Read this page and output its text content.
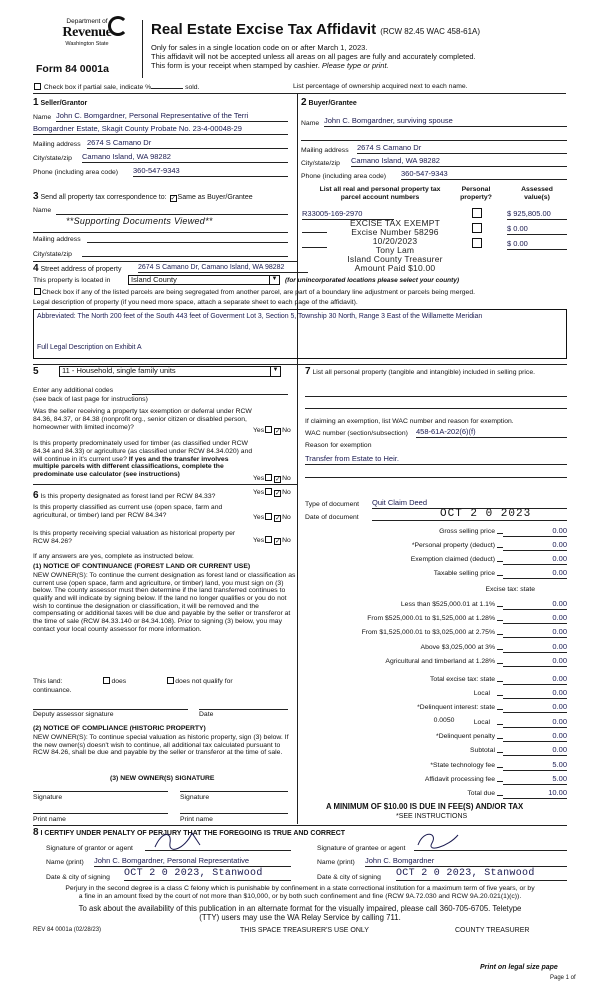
Department of
Revenue
Washington State
Form 84 0001a
Real Estate Excise Tax Affidavit (RCW 82.45 WAC 458-61A)
Only for sales in a single location code on or after March 1, 2023.
This affidavit will not be accepted unless all areas on all pages are fully and accurately completed.
This form is your receipt when stamped by cashier. Please type or print.
Check box if partial sale, indicate %	sold.	List percentage of ownership acquired next to each name.
1 Seller/Grantor
Name John C. Bomgardner, Personal Representative of the Terri
Bomgardner Estate, Skagit County Probate No. 23-4-00048-29
Mailing address 2674 S Camano Dr
City/state/zip Camano Island, WA 98282
Phone (including area code) 360-547-9343
2 Buyer/Grantee
Name John C. Bomgardner, surviving spouse
Mailing address 2674 S Camano Dr
City/state/zip Camano Island, WA 98282
Phone (including area code) 360-547-9343
3 Send all property tax correspondence to: ✓ Same as Buyer/Grantee
Name
**Supporting Documents Viewed**
Mailing address
City/state/zip
List all real and personal property tax
parcel account numbers
Personal
property?
Assessed
value(s)
R33005-169-2970	$ 925,805.00
$ 0.00
$ 0.00
EXCISE TAX EXEMPT
Excise Number 58296
10/20/2023
Tony Lam
Island County Treasurer
Amount Paid $10.00
4 Street address of property 2674 S Camano Dr, Camano Island, WA 98282
This property is located in	Island County	▼ (for unincorporated locations please select your county)
Check box if any of the listed parcels are being segregated from another parcel, are part of a boundary line adjustment or parcels being merged.
Legal description of property (if you need more space, attach a separate sheet to each page of the affidavit).
Abbreviated: The North 200 feet of the South 443 feet of Goverment Lot 3, Section 5, Township 30 North, Range 3 East of the Willamette Meridian
Full Legal Description on Exhibit A
5	11 - Household, single family units	▼
Enter any additional codes
(see back of last page for instructions)
Was the seller receiving a property tax exemption or deferral under RCW 84.36, 84.37, or 84.38 (nonprofit org., senior citizen or disabled person, homeowner with limited income)?	Yes ✓ No
Is this property predominately used for timber (as classified under RCW 84.34 and 84.33) or agriculture (as classified under RCW 84.34.020) and will continue in it's current use? If yes and the transfer involves multiple parcels with different classifications, complete the predominate use calculator (see instructions)
Yes ✓ No
6 Is this property designated as forest land per RCW 84.33?
Yes ✓ No
Is this property classified as current use (open space, farm and agricultural, or timber) land per RCW 84.34?	Yes ✓ No
Is this property receiving special valuation as historical property per RCW 84.26?	Yes ✓ No
If any answers are yes, complete as instructed below.
(1) NOTICE OF CONTINUANCE (FOREST LAND OR CURRENT USE)
NEW OWNER(S): To continue the current designation as forest land or classification as current use (open space, farm and agriculture, or timber) land, you must sign on (3) below. The county assessor must then determine if the land transferred continues to qualify and will indicate by signing below. If the land no longer qualifies or you do not wish to continue the designation or classification, it will be removed and the compensating or additional taxes will be due and payable by the seller or transferor at the time of sale (RCW 84.33.140 or 84.34.108). Prior to signing (3) below, you may contact your local county assessor for more information.
This land:	does	does not qualify for
continuance.
Deputy assessor signature	Date
(2) NOTICE OF COMPLIANCE (HISTORIC PROPERTY)
NEW OWNER(S): To continue special valuation as historic property, sign (3) below. If the new owner(s) doesn't wish to continue, all additional tax calculated pursuant to RCW 84.26, shall be due and payable by the seller or transferor at the time of sale.
(3) NEW OWNER(S) SIGNATURE
Signature	Signature
Print name	Print name
7 List all personal property (tangible and intangible) included in selling price.
If claiming an exemption, list WAC number and reason for exemption.
WAC number (section/subsection) 458-61A-202(6)(f)
Reason for exemption
Transfer from Estate to Heir.
Type of document Quit Claim Deed
Date of document	OCT 2 0 2023
Gross selling price	0.00
*Personal property (deduct)	0.00
Exemption claimed (deduct)	0.00
Taxable selling price	0.00
Excise tax: state
Less than $525,000.01 at 1.1%	0.00
From $525,000.01 to $1,525,000 at 1.28%	0.00
From $1,525,000.01 to $3,025,000 at 2.75%	0.00
Above $3,025,000 at 3%	0.00
Agricultural and timberland at 1.28%	0.00
Total excise tax: state	0.00
Local	0.00
*Delinquent interest: state	0.00
Local	0.00
*Delinquent penalty	0.00
Subtotal	0.00
*State technology fee	5.00
Affidavit processing fee	5.00
Total due	10.00
0.0050
A MINIMUM OF $10.00 IS DUE IN FEE(S) AND/OR TAX
*SEE INSTRUCTIONS
8 I CERTIFY UNDER PENALTY OF PERJURY THAT THE FOREGOING IS TRUE AND CORRECT
Signature of grantor or agent	Signature of grantee or agent
Name (print) John C. Bomgardner, Personal Representative	Name (print) John C. Bomgardner
Date & city of signing OCT 2 0 2023, Stanwood	Date & city of signing OCT 2 0 2023, Stanwood
Perjury in the second degree is a class C felony which is punishable by confinement in a state correctional institution for a maximum term of five years, or by
a fine in an amount fixed by the court of not more than $10,000, or by both such confinement and fine (RCW 9A.72.030 and RCW 9A.20.021(1)(c)).
To ask about the availability of this publication in an alternate format for the visually impaired, please call 360-705-6705. Teletype
(TTY) users may use the WA Relay Service by calling 711.
REV 84 0001a (02/28/23)	THIS SPACE TREASURER'S USE ONLY	COUNTY TREASURER
Print on legal size pape
Page 1 of
